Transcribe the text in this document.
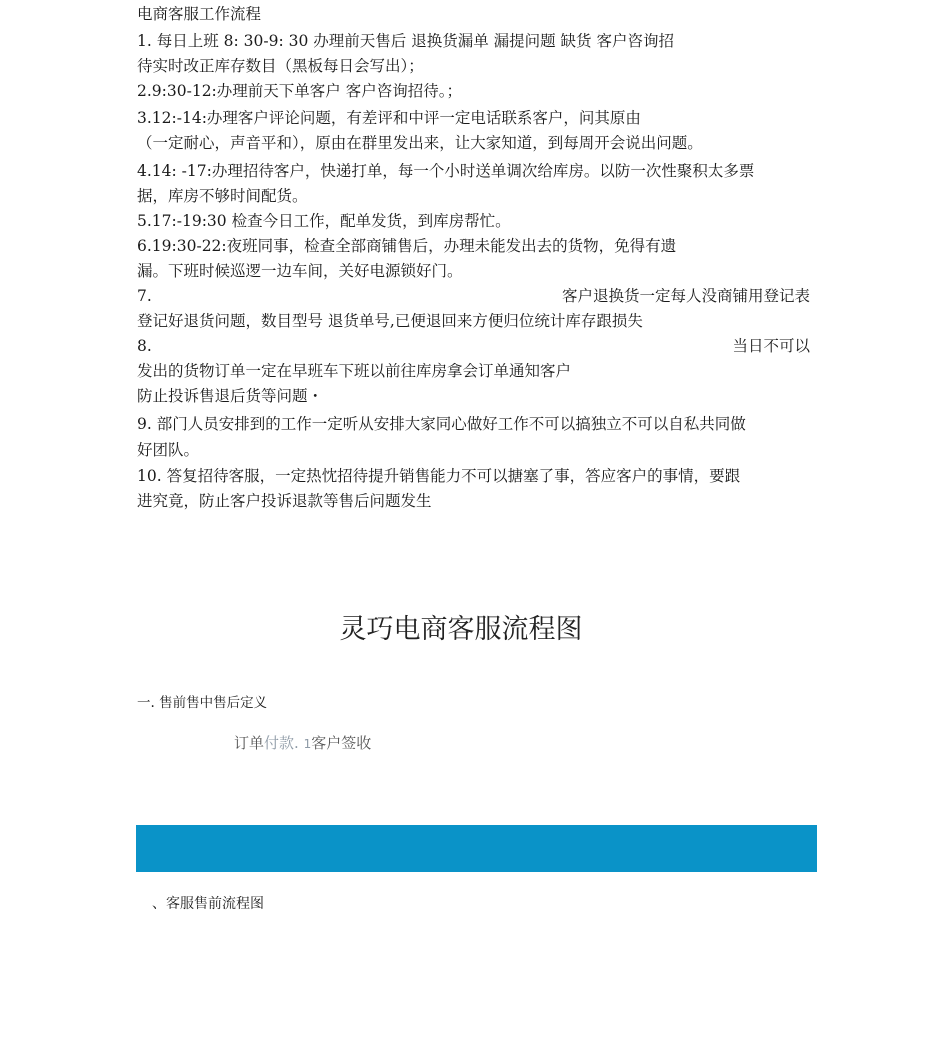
电商客服工作流程
1. 每日上班 8: 30-9: 30 办理前天售后 退换货漏单 漏提问题 缺货 客户咨询招
待实时改正库存数目（黑板每日会写出）；
2.9:30-12:办理前天下单客户 客户咨询招待。；
3.12:-14:办理客户评论问题，有差评和中评一定电话联系客户，问其原由
（一定耐心，声音平和），原由在群里发出来，让大家知道，到每周开会说出问题。
4.14: -17:办理招待客户，快递打单，每一个小时送单调次给库房。以防一次性聚积太多票
据，库房不够时间配货。
5.17:-19:30 检查今日工作，配单发货，到库房帮忙。
6.19:30-22:夜班同事，检查全部商铺售后，办理未能发出去的货物，免得有遗
漏。下班时候巡逻一边车间，关好电源锁好门。
7.	客户退换货一定每人没商铺用登记表
登记好退货问题，数目型号 退货单号,已便退回来方便归位统计库存跟损失
8.	当日不可以
发出的货物订单一定在早班车下班以前往库房拿会订单通知客户
防止投诉售退后货等问题・
9. 部门人员安排到的工作一定听从安排大家同心做好工作不可以搞独立不可以自私共同做
好团队。
10. 答复招待客服，一定热忱招待提升销售能力不可以搪塞了事，答应客户的事情，要跟
进究竟，防止客户投诉退款等售后问题发生
灵巧电商客服流程图
一. 售前售中售后定义
订单付款. 1客户签收
、客服售前流程图
